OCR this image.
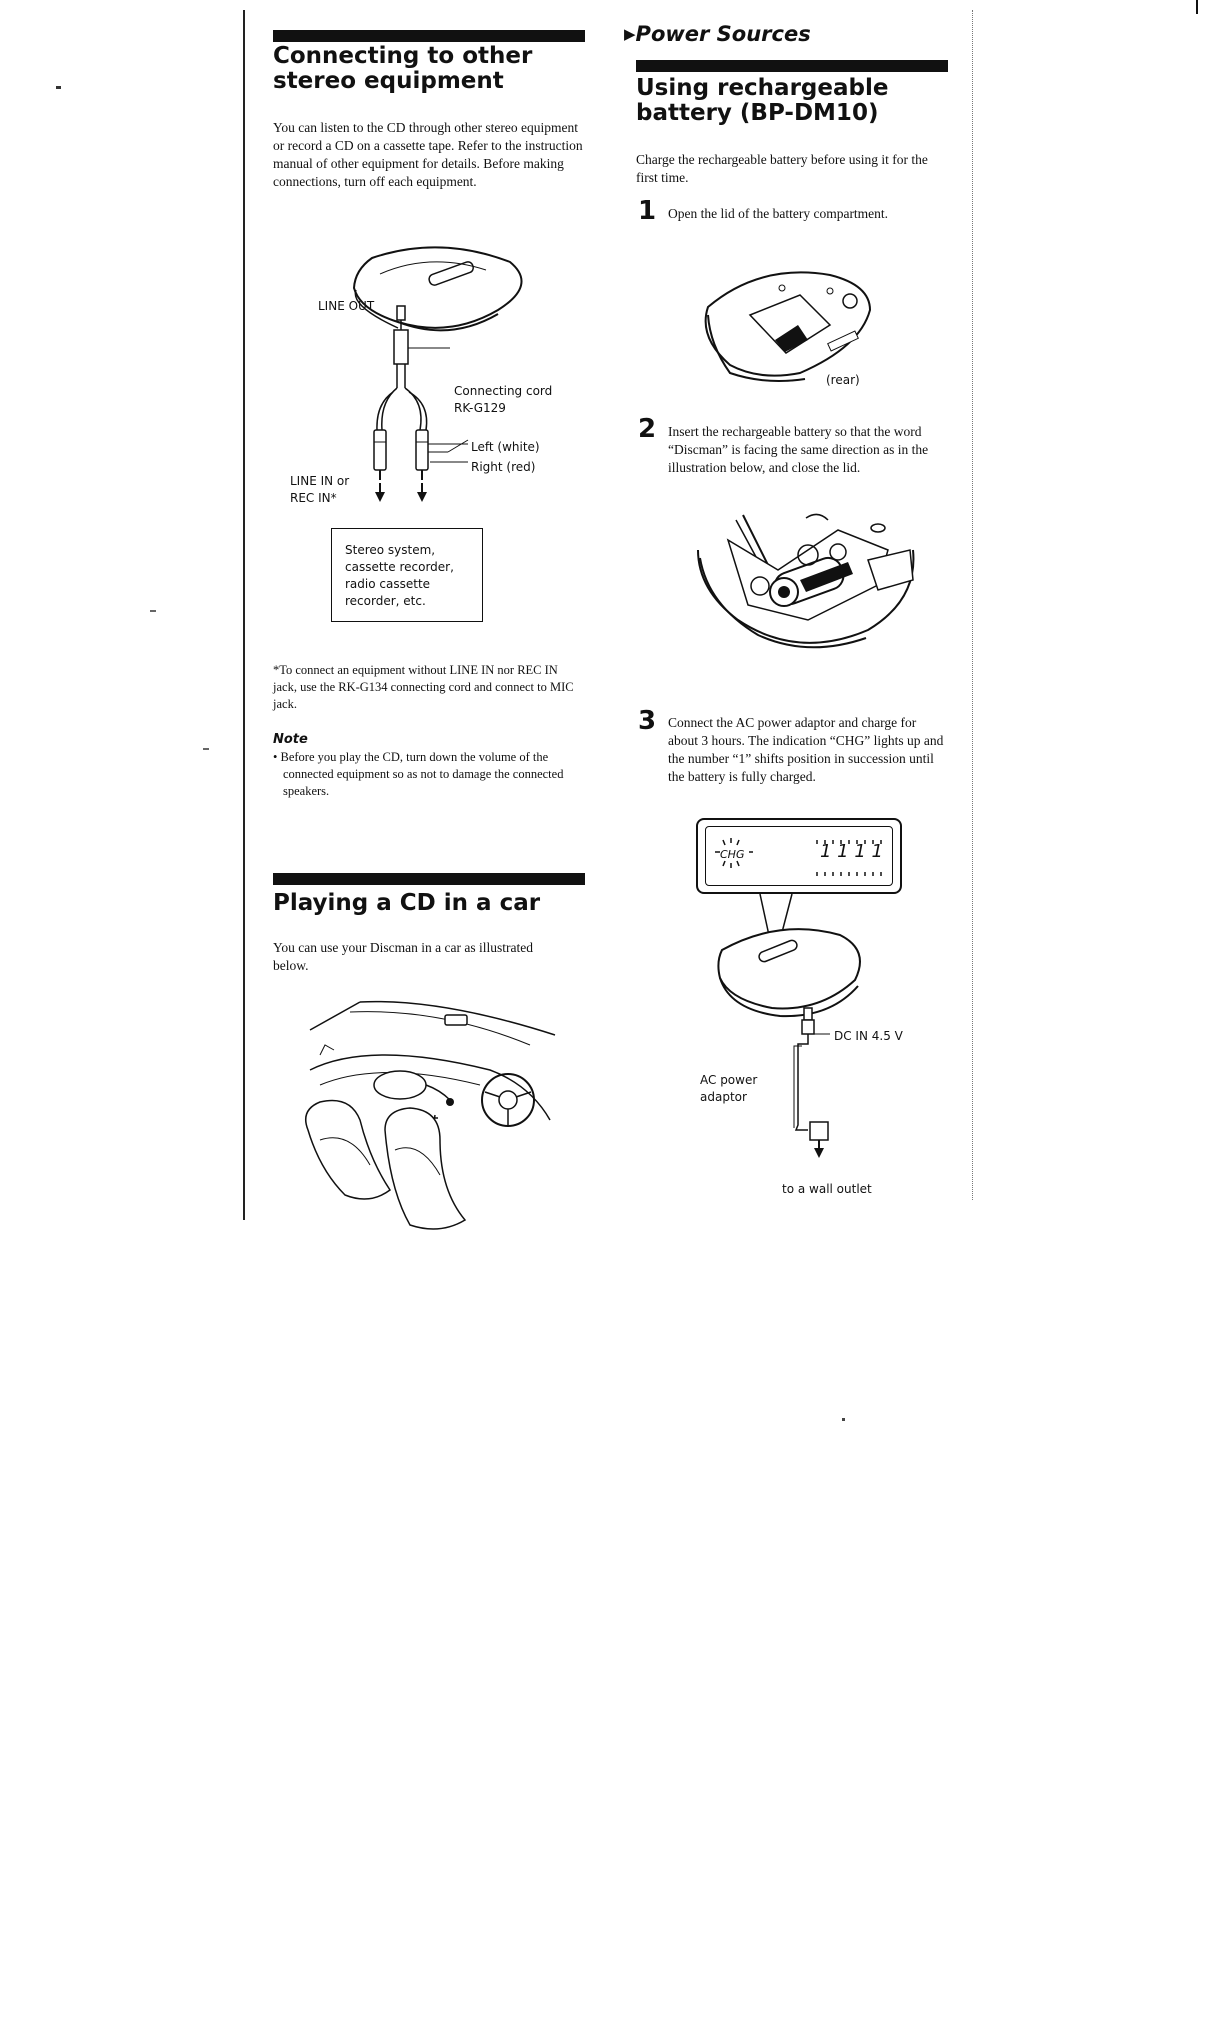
Connecting to other stereo equipment

You can listen to the CD through other stereo equipment or record a CD on a cassette tape. Refer to the instruction manual of other equipment for details. Before making connections, turn off each equipment.

LINE OUT
Connecting cord
RK-G129
Left (white)
Right (red)
LINE IN or
REC IN*

Stereo system, cassette recorder, radio cassette recorder, etc.

*To connect an equipment without LINE IN nor REC IN jack, use the RK-G134 connecting cord and connect to MIC jack.

Note

• Before you play the CD, turn down the volume of the connected equipment so as not to damage the connected speakers.

Playing a CD in a car

You can use your Discman in a car as illustrated below.

▶Power Sources

Using rechargeable
battery (BP-DM10)

Charge the rechargeable battery before using it for the first time.

1 Open the lid of the battery compartment.

(rear)
2 Insert the rechargeable battery so that the word “Discman” is facing the same direction as in the illustration below, and close the lid.

3 Connect the AC power adaptor and charge for about 3 hours. The indication “CHG” lights up and the number “1” shifts position in succession until the battery is fully charged.

CHG	1 1 1 1
DC IN 4.5 V
AC power
adaptor
to a wall outlet
